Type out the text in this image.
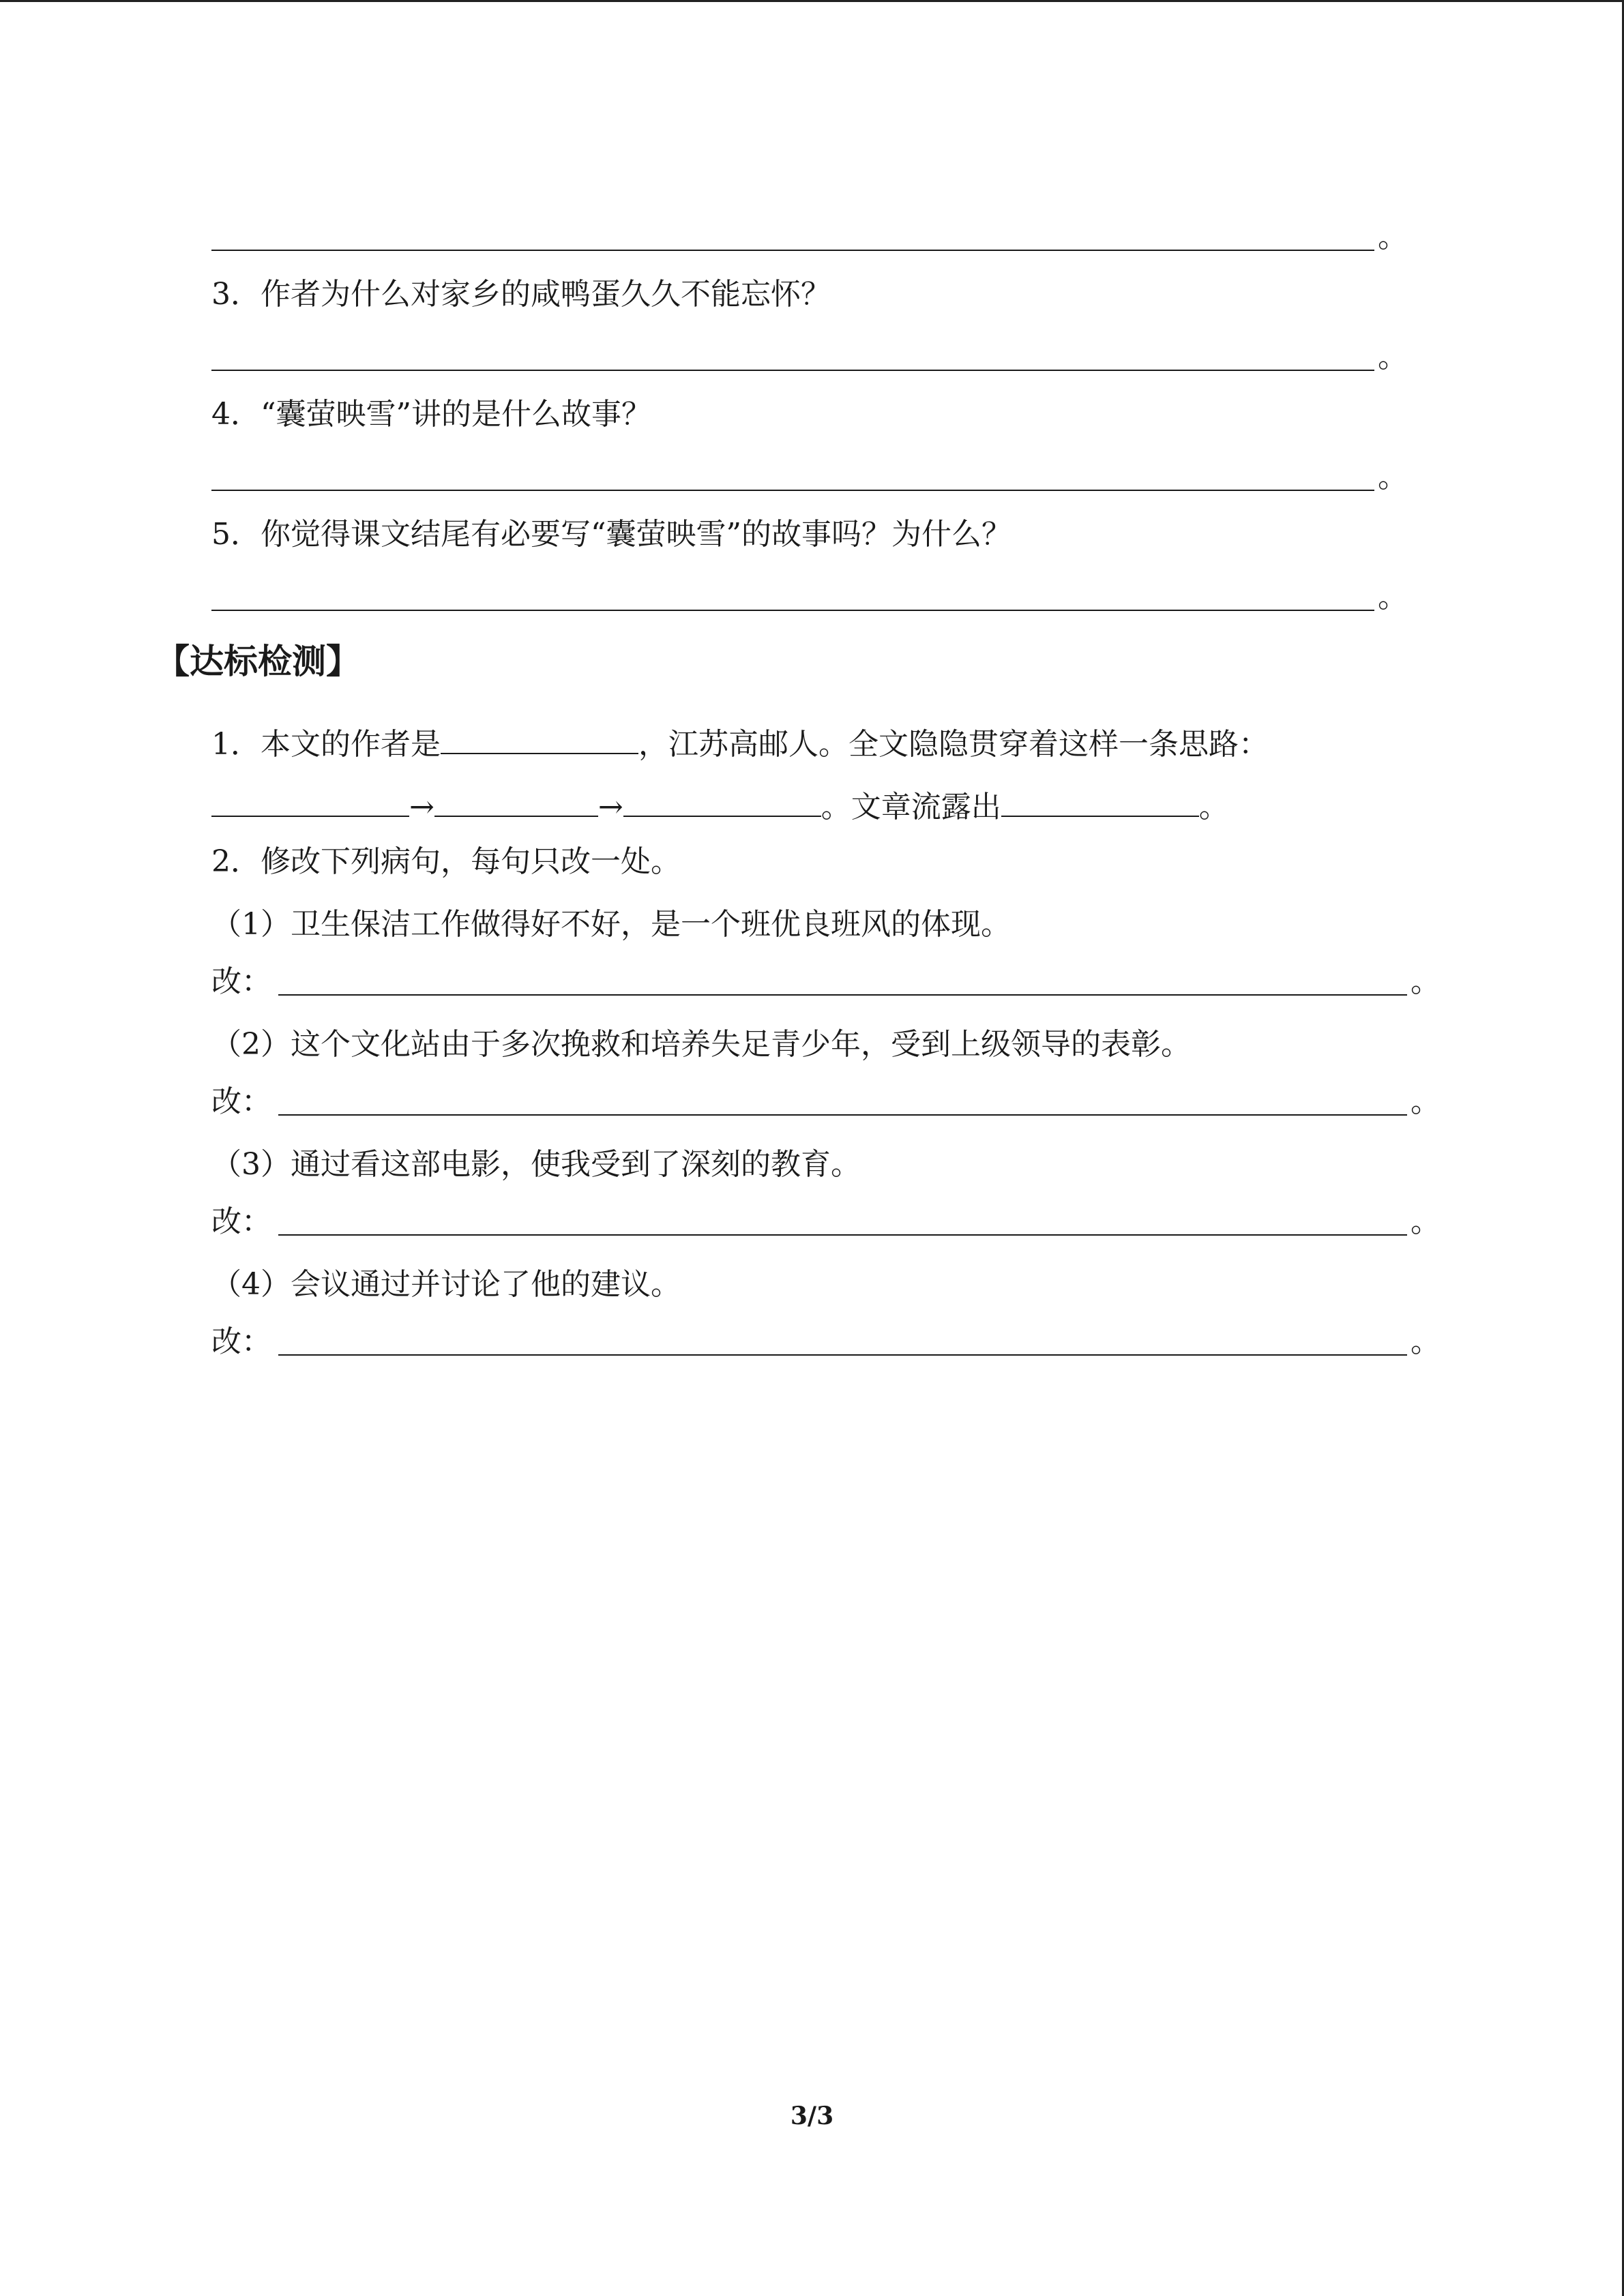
。
3．作者为什么对家乡的咸鸭蛋久久不能忘怀？
。
4．“囊萤映雪”讲的是什么故事？
。
5．你觉得课文结尾有必要写“囊萤映雪”的故事吗？为什么？
。
【达标检测】
1．本文的作者是	，江苏高邮人。全文隐隐贯穿着这样一条思路：
→	→	。文章流露出	。
2．修改下列病句，每句只改一处。
（1）卫生保洁工作做得好不好，是一个班优良班风的体现。
改：	。
（2）这个文化站由于多次挽救和培养失足青少年，受到上级领导的表彰。
改：	。
（3）通过看这部电影，使我受到了深刻的教育。
改：	。
（4）会议通过并讨论了他的建议。
改：	。
3/3
